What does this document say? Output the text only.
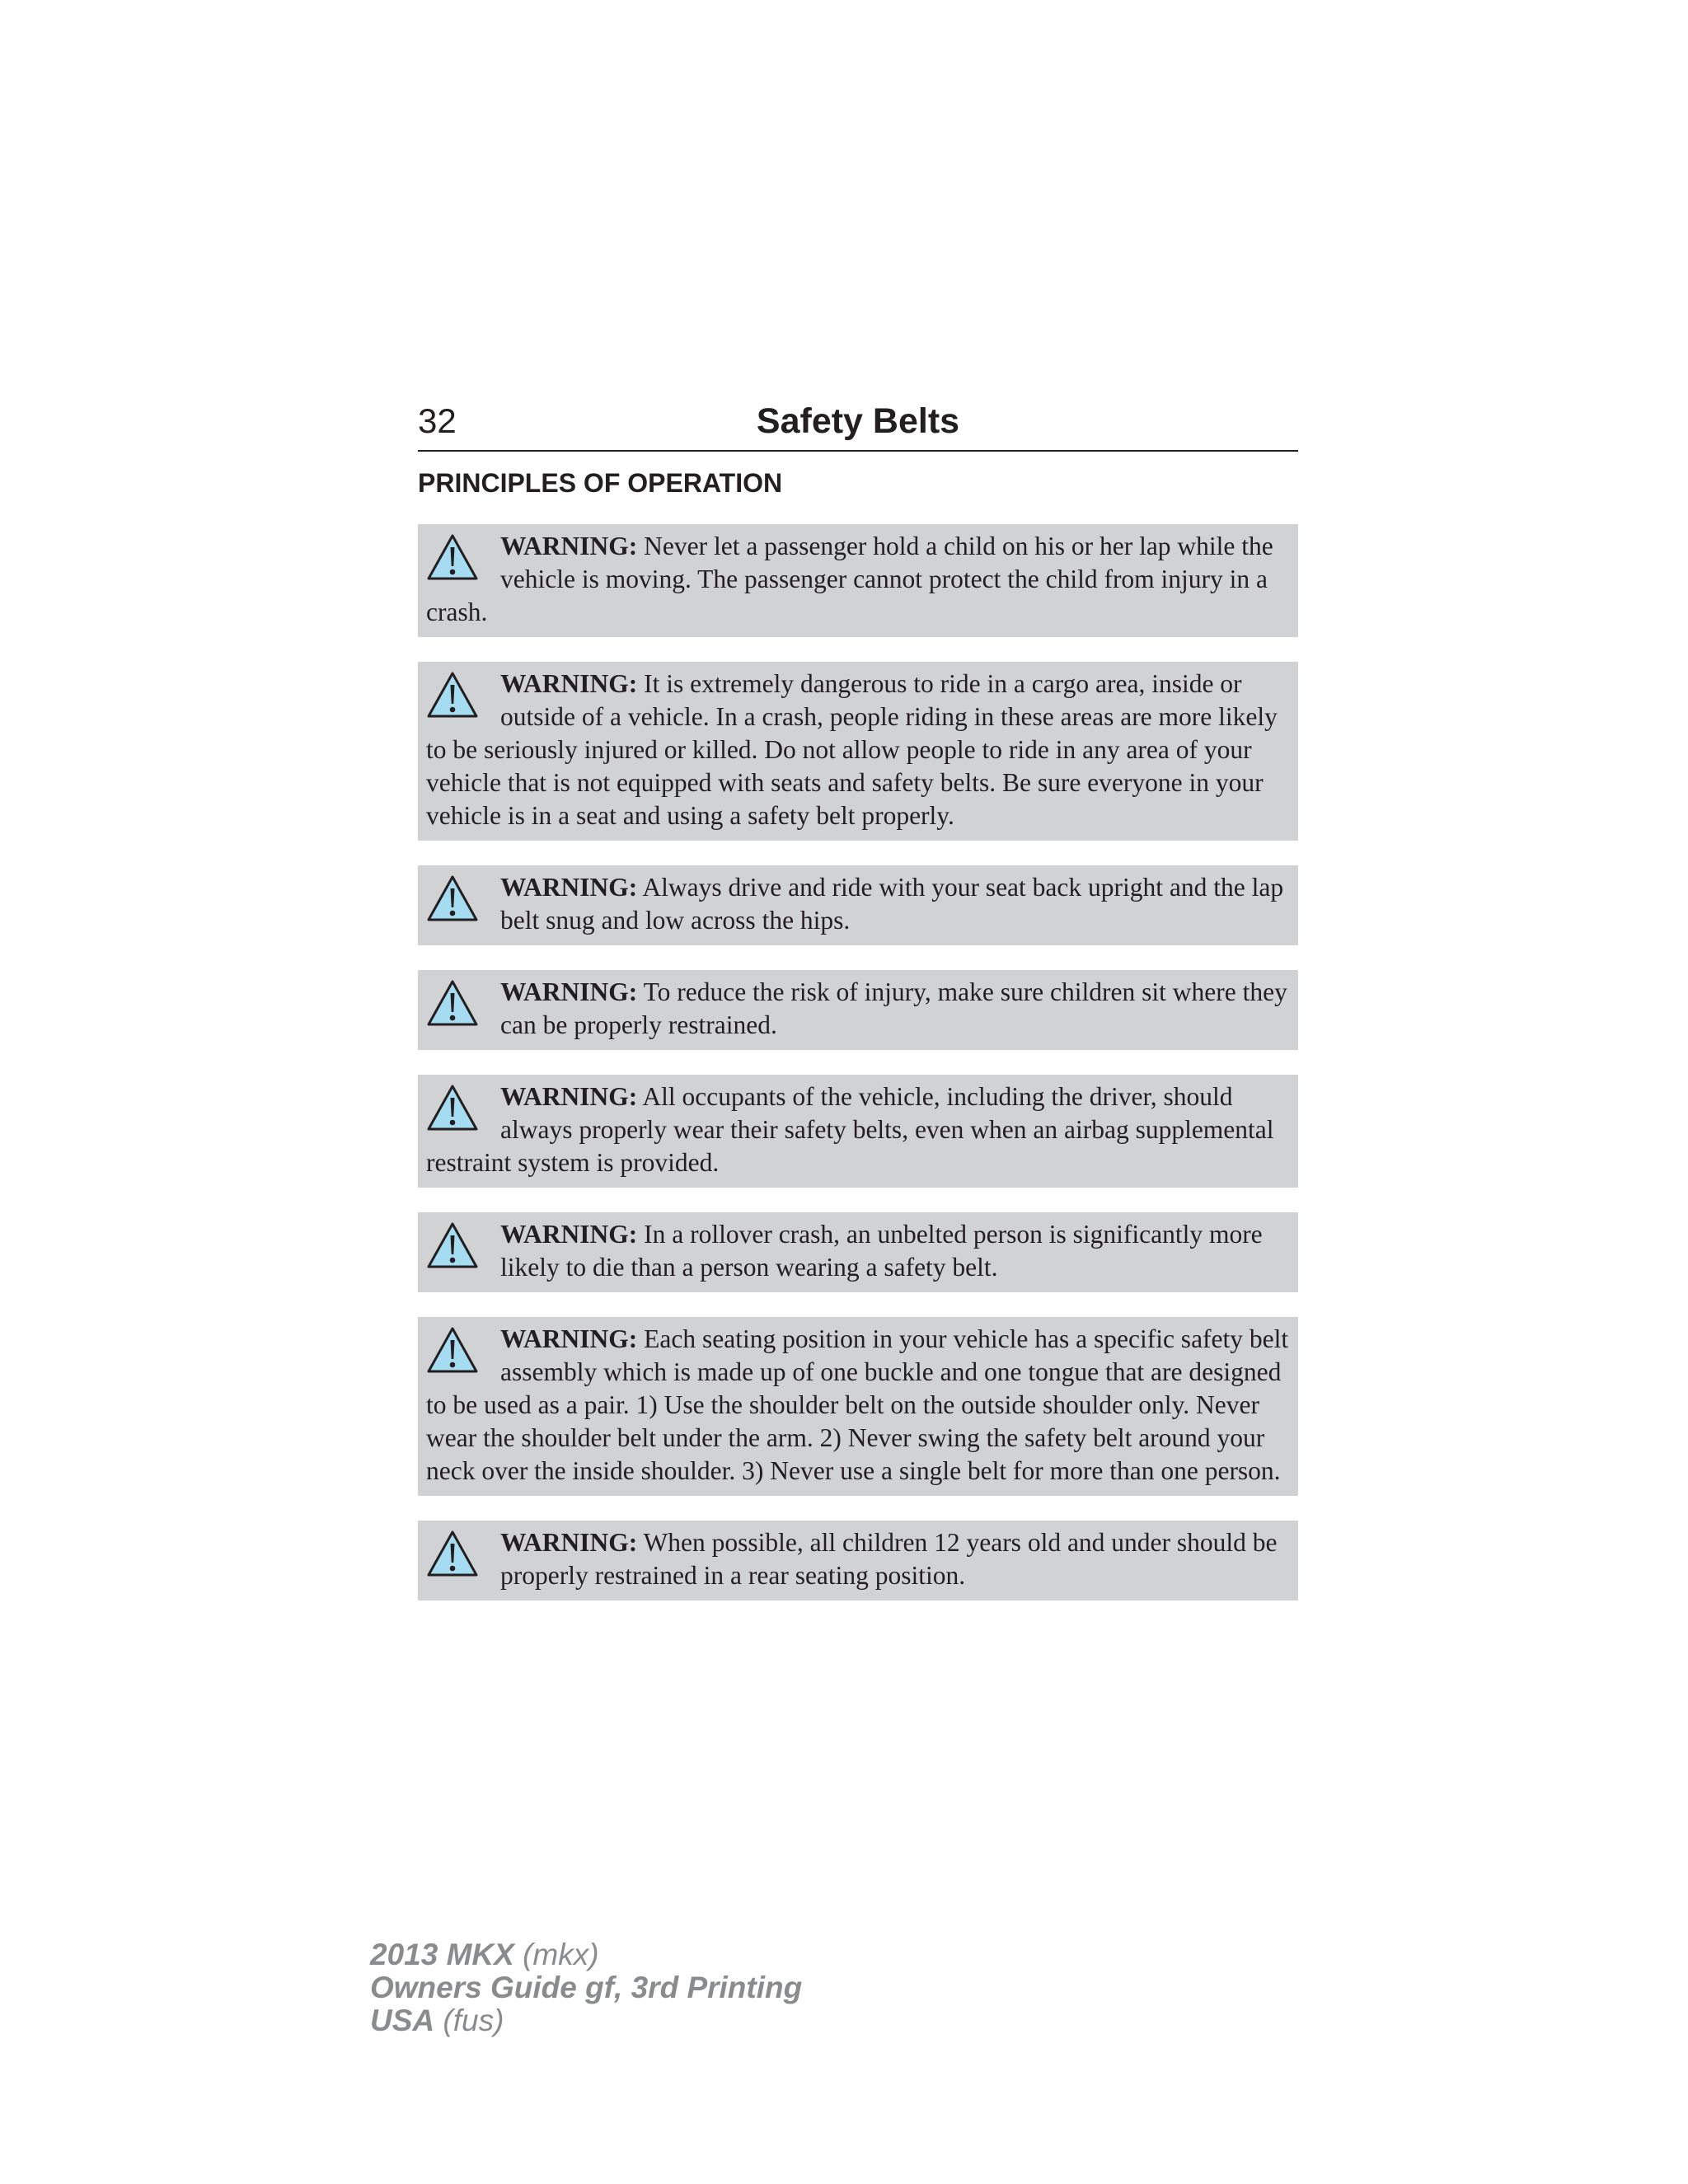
32	Safety Belts
PRINCIPLES OF OPERATION
WARNING: Never let a passenger hold a child on his or her lap while the vehicle is moving. The passenger cannot protect the child from injury in a crash.
WARNING: It is extremely dangerous to ride in a cargo area, inside or outside of a vehicle. In a crash, people riding in these areas are more likely to be seriously injured or killed. Do not allow people to ride in any area of your vehicle that is not equipped with seats and safety belts. Be sure everyone in your vehicle is in a seat and using a safety belt properly.
WARNING: Always drive and ride with your seat back upright and the lap belt snug and low across the hips.
WARNING: To reduce the risk of injury, make sure children sit where they can be properly restrained.
WARNING: All occupants of the vehicle, including the driver, should always properly wear their safety belts, even when an airbag supplemental restraint system is provided.
WARNING: In a rollover crash, an unbelted person is significantly more likely to die than a person wearing a safety belt.
WARNING: Each seating position in your vehicle has a specific safety belt assembly which is made up of one buckle and one tongue that are designed to be used as a pair. 1) Use the shoulder belt on the outside shoulder only. Never wear the shoulder belt under the arm. 2) Never swing the safety belt around your neck over the inside shoulder. 3) Never use a single belt for more than one person.
WARNING: When possible, all children 12 years old and under should be properly restrained in a rear seating position.
2013 MKX (mkx)
Owners Guide gf, 3rd Printing
USA (fus)
